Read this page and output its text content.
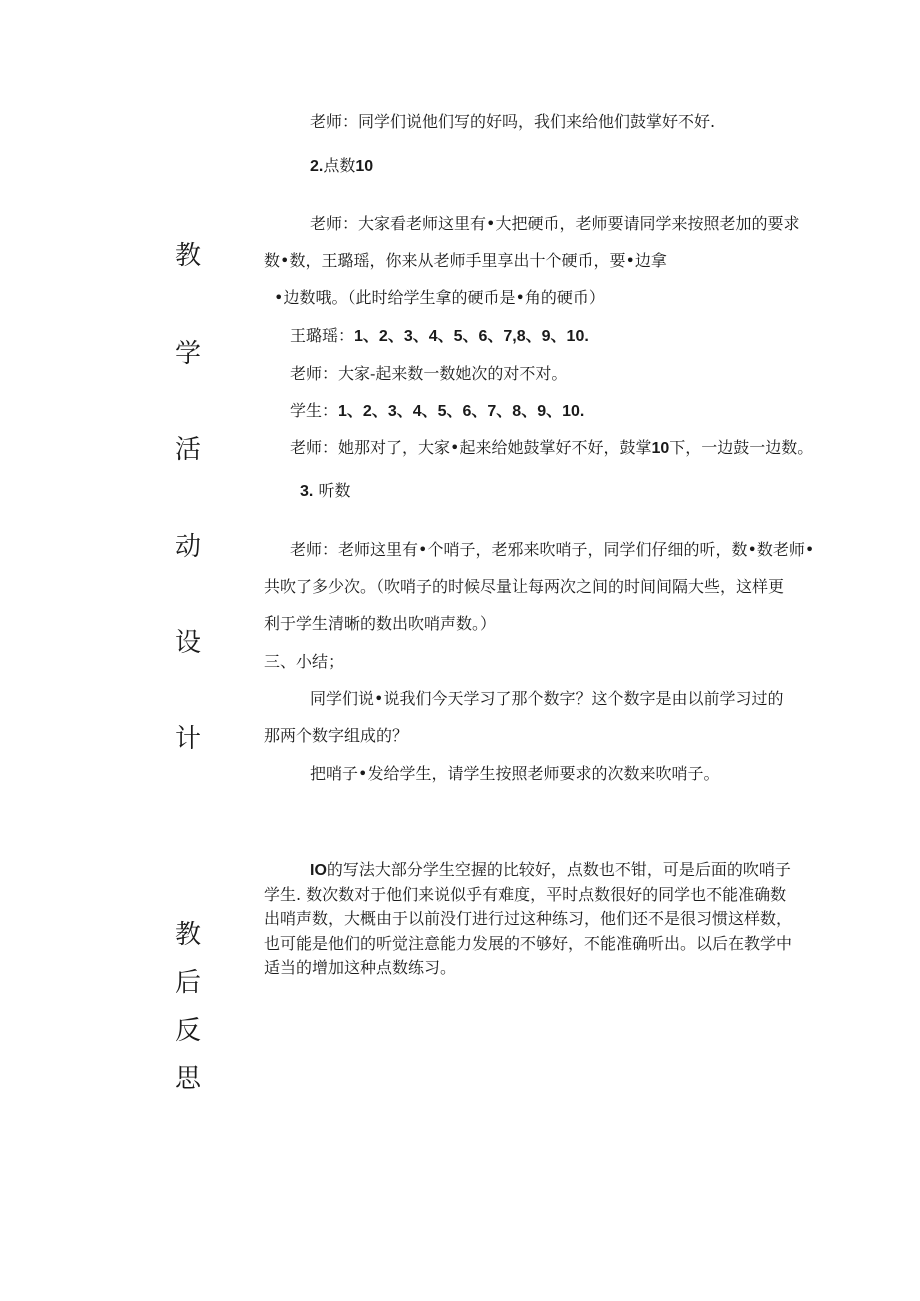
教
学
活
动
设
计
教
后
反
思
老师：同学们说他们写的好吗，我们来给他们鼓掌好不好.
2.点数10
老师：大家看老师这里有•大把硬币，老师要请同学来按照老加的要求
数•数，王璐瑶，你来从老师手里享出十个硬币，要•边拿
•边数哦。（此时给学生拿的硬币是•角的硬币）
王璐瑶：1、2、3、4、5、6、7,8、9、10.
老师：大家-起来数一数她次的对不对。
学生：1、2、3、4、5、6、7、8、9、10.
老师：她那对了，大家•起来给她鼓掌好不好，鼓掌10下，一边鼓一边数。
3. 听数
老师：老师这里有•个哨子，老邪来吹哨子，同学们仔细的听，数•数老师•
共吹了多少次。（吹哨子的时候尽量让每两次之间的时间间隔大些，这样更
利于学生清晰的数出吹哨声数。）
三、小结；
同学们说•说我们今天学习了那个数字？这个数字是由以前学习过的
那两个数字组成的？
把哨子•发给学生，请学生按照老师要求的次数来吹哨子。
IO的写法大部分学生空握的比较好，点数也不钳，可是后面的吹哨子
学生. 数次数对于他们来说似乎有难度，平时点数很好的同学也不能准确数
出哨声数，大概由于以前没仃进行过这种练习，他们还不是很习惯这样数，
也可能是他们的听觉注意能力发展的不够好，不能准确听出。以后在教学中
适当的增加这种点数练习。
